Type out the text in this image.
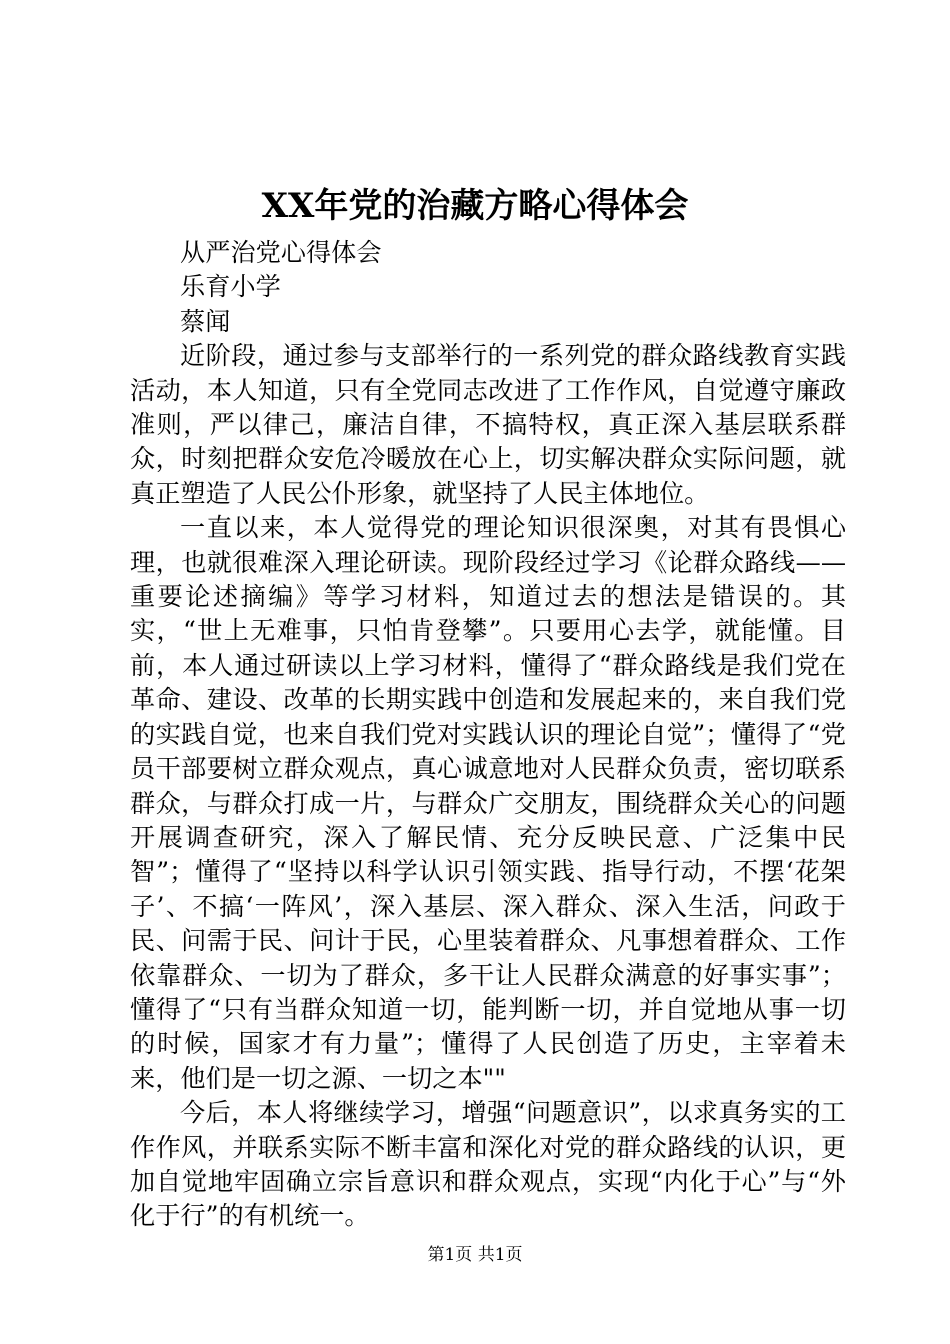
XX年党的治藏方略心得体会

从严治党心得体会

乐育小学

蔡闻

近阶段，通过参与支部举行的一系列党的群众路线教育实践活动，本人知道，只有全党同志改进了工作作风，自觉遵守廉政准则，严以律己，廉洁自律，不搞特权，真正深入基层联系群众，时刻把群众安危冷暖放在心上，切实解决群众实际问题，就真正塑造了人民公仆形象，就坚持了人民主体地位。

一直以来，本人觉得党的理论知识很深奥，对其有畏惧心理，也就很难深入理论研读。现阶段经过学习《论群众路线——重要论述摘编》等学习材料，知道过去的想法是错误的。其实，“世上无难事，只怕肯登攀”。只要用心去学，就能懂。目前，本人通过研读以上学习材料，懂得了“群众路线是我们党在革命、建设、改革的长期实践中创造和发展起来的，来自我们党的实践自觉，也来自我们党对实践认识的理论自觉”；懂得了“党员干部要树立群众观点，真心诚意地对人民群众负责，密切联系群众，与群众打成一片，与群众广交朋友，围绕群众关心的问题开展调查研究，深入了解民情、充分反映民意、广泛集中民智”；懂得了“坚持以科学认识引领实践、指导行动，不摆‘花架子’、不搞‘一阵风’，深入基层、深入群众、深入生活，问政于民、问需于民、问计于民，心里装着群众、凡事想着群众、工作依靠群众、一切为了群众，多干让人民群众满意的好事实事”；懂得了“只有当群众知道一切，能判断一切，并自觉地从事一切的时候，国家才有力量”；懂得了人民创造了历史，主宰着未来，他们是一切之源、一切之本""

今后，本人将继续学习，增强“问题意识”，以求真务实的工作作风，并联系实际不断丰富和深化对党的群众路线的认识，更加自觉地牢固确立宗旨意识和群众观点，实现“内化于心”与“外化于行”的有机统一。

第1页 共1页
